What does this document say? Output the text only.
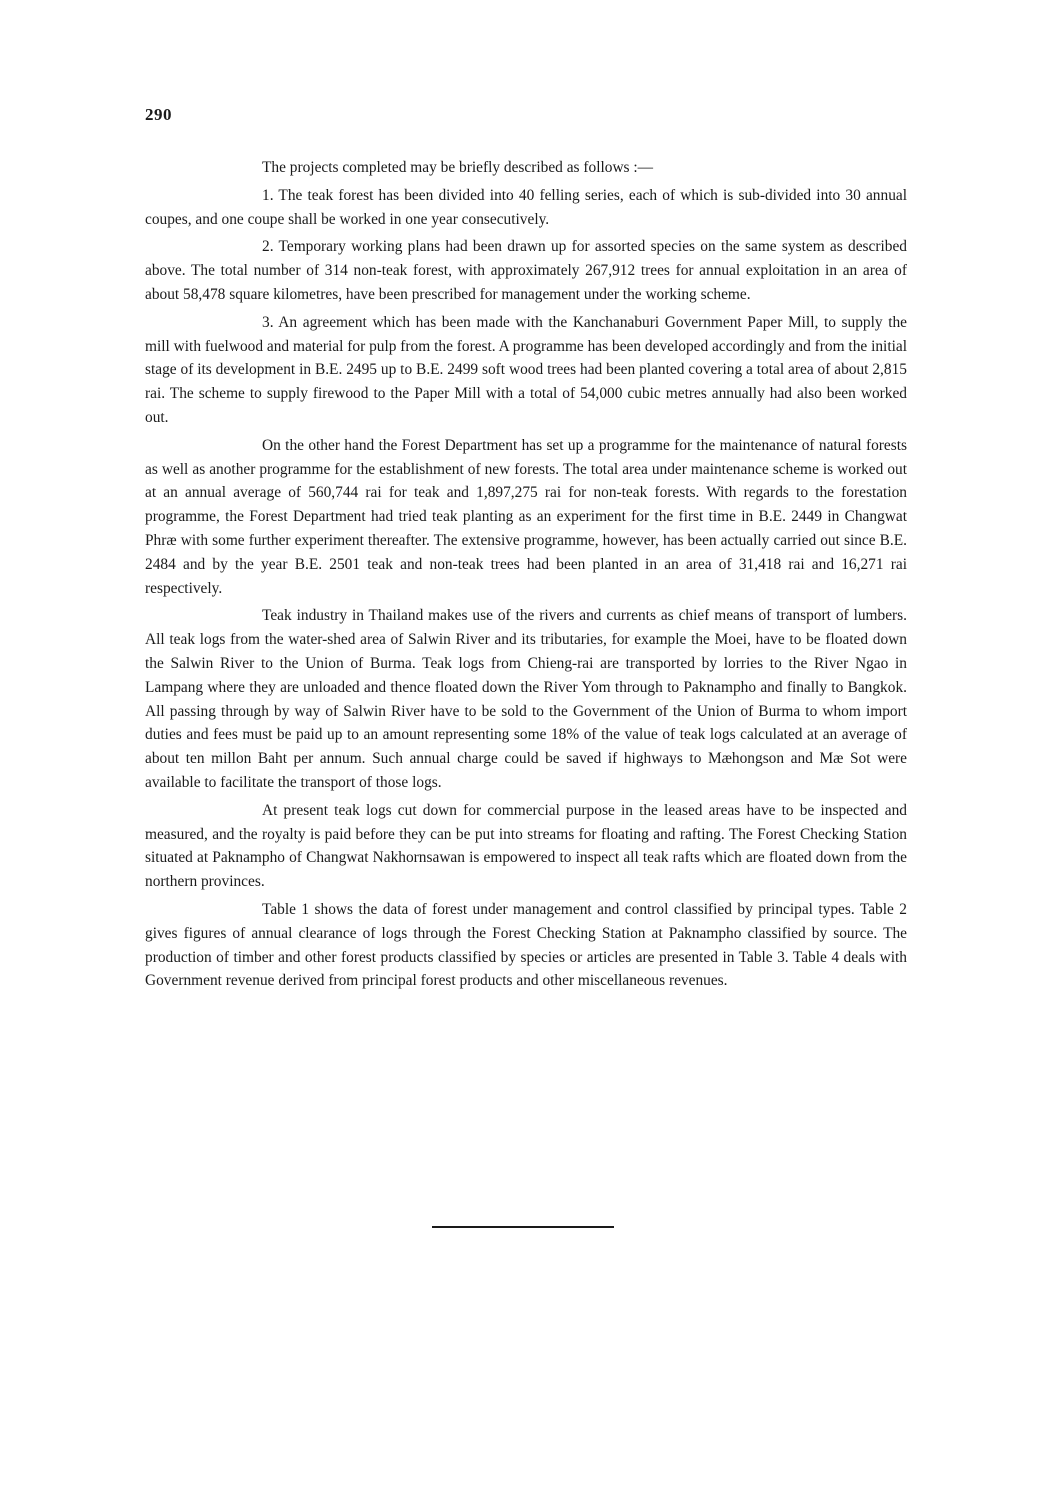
290

The projects completed may be briefly described as follows :—

1. The teak forest has been divided into 40 felling series, each of which is sub-divided into 30 annual coupes, and one coupe shall be worked in one year consecutively.

2. Temporary working plans had been drawn up for assorted species on the same system as described above. The total number of 314 non-teak forest, with approximately 267,912 trees for annual exploitation in an area of about 58,478 square kilometres, have been prescribed for management under the working scheme.

3. An agreement which has been made with the Kanchanaburi Government Paper Mill, to supply the mill with fuelwood and material for pulp from the forest. A programme has been developed accordingly and from the initial stage of its development in B.E. 2495 up to B.E. 2499 soft wood trees had been planted covering a total area of about 2,815 rai. The scheme to supply firewood to the Paper Mill with a total of 54,000 cubic metres annually had also been worked out.

On the other hand the Forest Department has set up a programme for the maintenance of natural forests as well as another programme for the establishment of new forests. The total area under maintenance scheme is worked out at an annual average of 560,744 rai for teak and 1,897,275 rai for non-teak forests. With regards to the forestation programme, the Forest Department had tried teak planting as an experiment for the first time in B.E. 2449 in Changwat Phræ with some further experiment thereafter. The extensive programme, however, has been actually carried out since B.E. 2484 and by the year B.E. 2501 teak and non-teak trees had been planted in an area of 31,418 rai and 16,271 rai respectively.

Teak industry in Thailand makes use of the rivers and currents as chief means of transport of lumbers. All teak logs from the water-shed area of Salwin River and its tributaries, for example the Moei, have to be floated down the Salwin River to the Union of Burma. Teak logs from Chieng-rai are transported by lorries to the River Ngao in Lampang where they are unloaded and thence floated down the River Yom through to Paknampho and finally to Bangkok. All passing through by way of Salwin River have to be sold to the Government of the Union of Burma to whom import duties and fees must be paid up to an amount representing some 18% of the value of teak logs calculated at an average of about ten millon Baht per annum. Such annual charge could be saved if highways to Mæhongson and Mæ Sot were available to facilitate the transport of those logs.

At present teak logs cut down for commercial purpose in the leased areas have to be inspected and measured, and the royalty is paid before they can be put into streams for floating and rafting. The Forest Checking Station situated at Paknampho of Changwat Nakhornsawan is empowered to inspect all teak rafts which are floated down from the northern provinces.

Table 1 shows the data of forest under management and control classified by principal types. Table 2 gives figures of annual clearance of logs through the Forest Checking Station at Paknampho classified by source. The production of timber and other forest products classified by species or articles are presented in Table 3. Table 4 deals with Government revenue derived from principal forest products and other miscellaneous revenues.
